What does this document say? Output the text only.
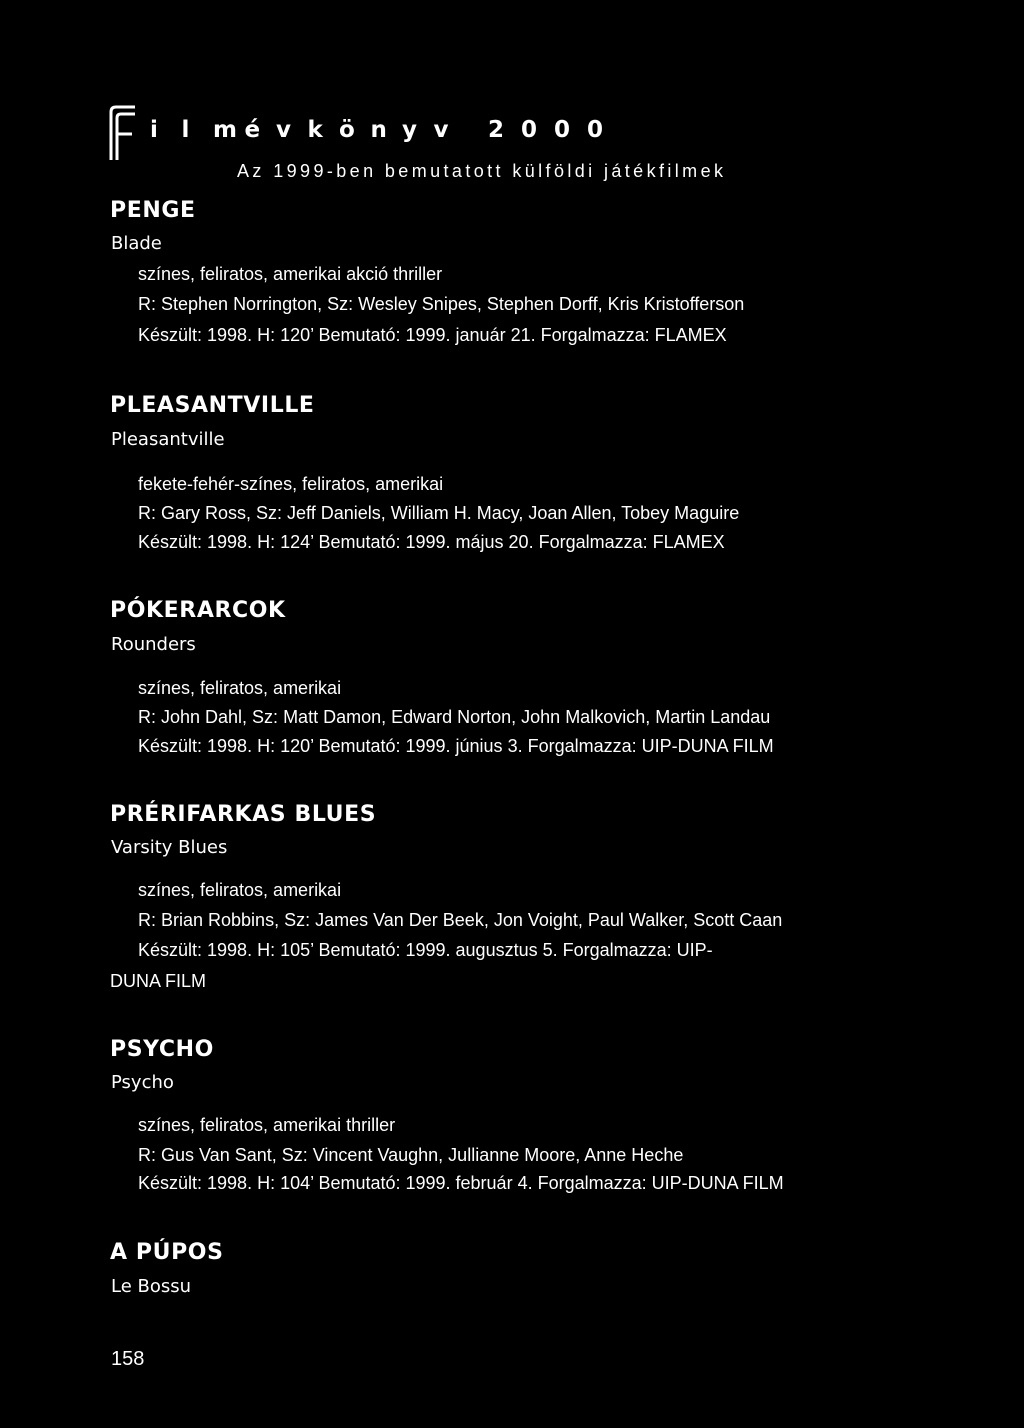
i l m é v k ö n y v 2 0 0 0
Az 1999-ben bemutatott külföldi játékfilmek
PENGE
Blade
színes, feliratos, amerikai akció thriller
R: Stephen Norrington, Sz: Wesley Snipes, Stephen Dorff, Kris Kristofferson
Készült: 1998. H: 120’ Bemutató: 1999. január 21. Forgalmazza: FLAMEX
PLEASANTVILLE
Pleasantville
fekete-fehér-színes, feliratos, amerikai
R: Gary Ross, Sz: Jeff Daniels, William H. Macy, Joan Allen, Tobey Maguire
Készült: 1998. H: 124’ Bemutató: 1999. május 20. Forgalmazza: FLAMEX
PÓKERARCOK
Rounders
színes, feliratos, amerikai
R: John Dahl, Sz: Matt Damon, Edward Norton, John Malkovich, Martin Landau
Készült: 1998. H: 120’ Bemutató: 1999. június 3. Forgalmazza: UIP-DUNA FILM
PRÉRIFARKAS BLUES
Varsity Blues
színes, feliratos, amerikai
R: Brian Robbins, Sz: James Van Der Beek, Jon Voight, Paul Walker, Scott Caan
Készült: 1998. H: 105’ Bemutató: 1999. augusztus 5. Forgalmazza: UIP-
DUNA FILM
PSYCHO
Psycho
színes, feliratos, amerikai thriller
R: Gus Van Sant, Sz: Vincent Vaughn, Jullianne Moore, Anne Heche
Készült: 1998. H: 104’ Bemutató: 1999. február 4. Forgalmazza: UIP-DUNA FILM
A PÚPOS
Le Bossu
158
